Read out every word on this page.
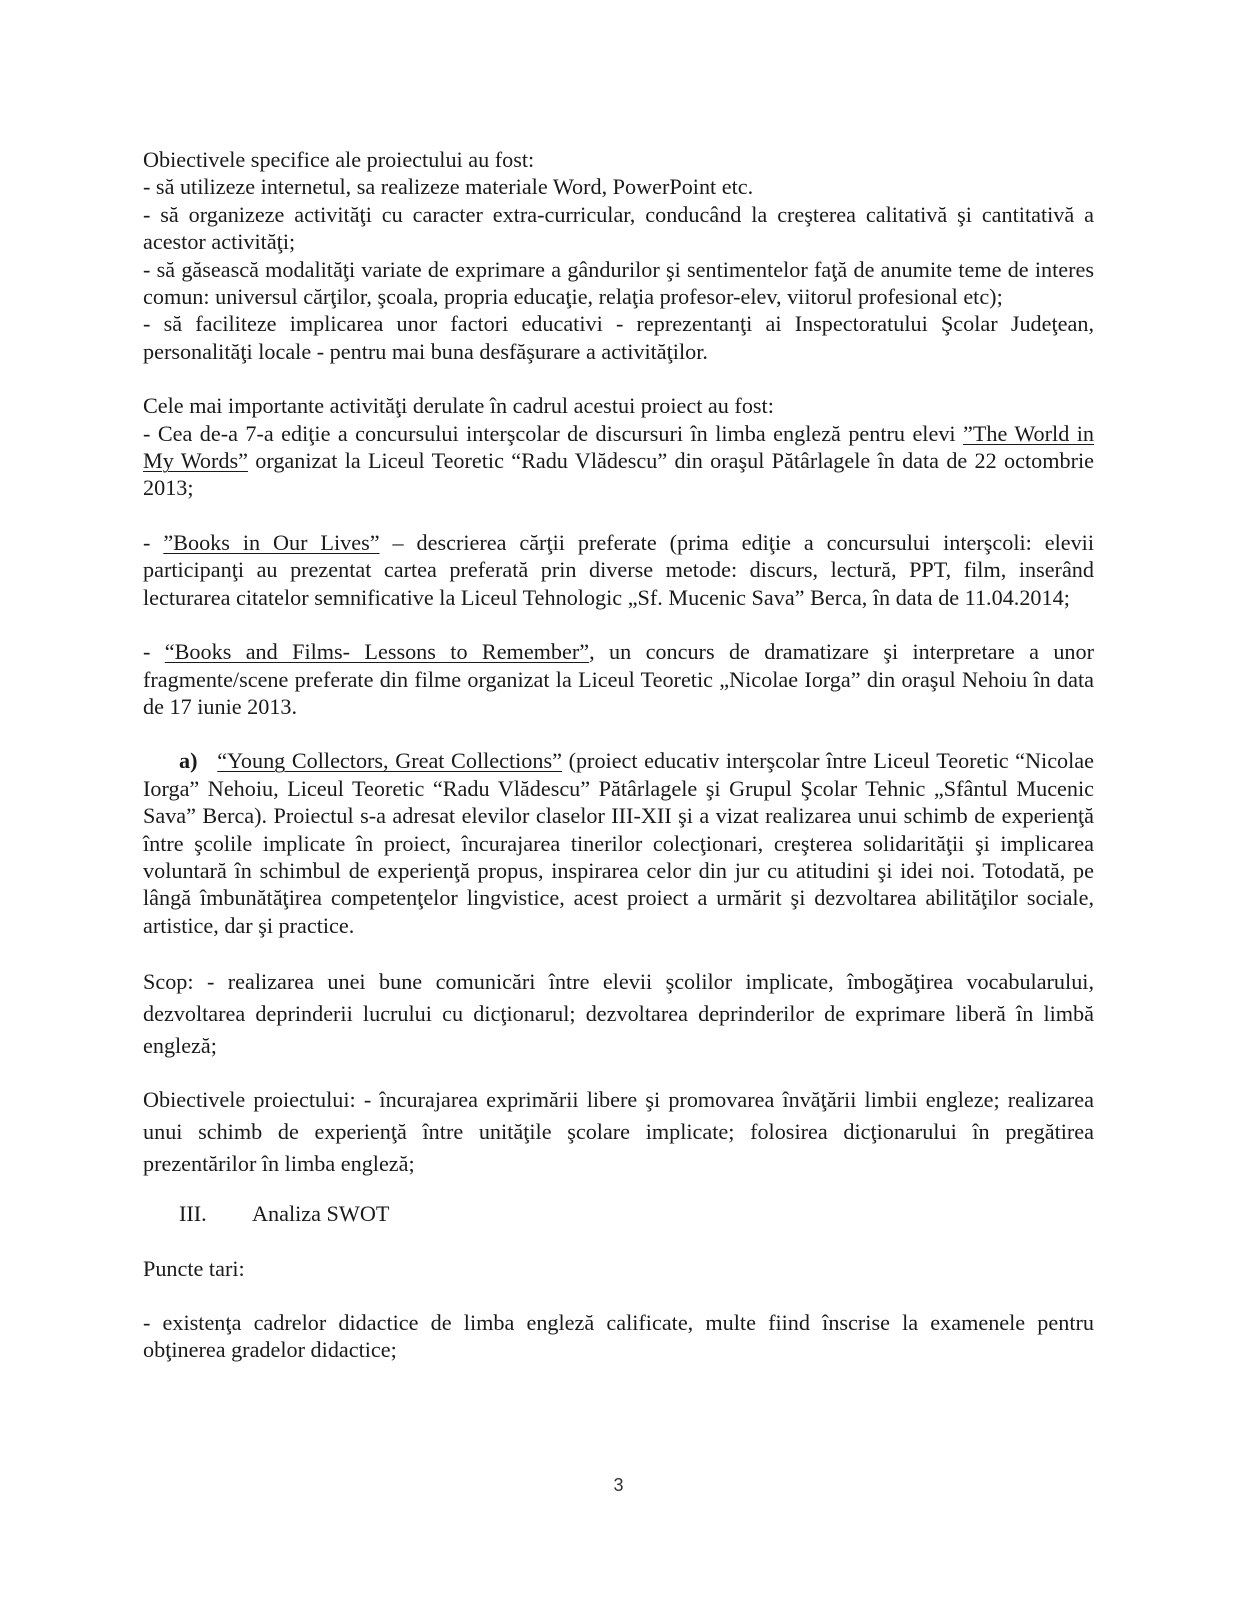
Obiectivele specifice ale proiectului au fost:

- să utilizeze internetul, sa realizeze materiale Word, PowerPoint etc.

- să organizeze activităţi cu caracter extra-curricular, conducând la creşterea calitativă şi cantitativă a acestor activităţi;

- să găsească modalităţi variate de exprimare a gândurilor şi sentimentelor faţă de anumite teme de interes comun: universul cărţilor, şcoala, propria educaţie, relaţia profesor-elev, viitorul profesional etc);

- să faciliteze implicarea unor factori educativi - reprezentanţi ai Inspectoratului Şcolar Judeţean, personalităţi locale - pentru mai buna desfăşurare a activităţilor.

Cele mai importante activităţi derulate în cadrul acestui proiect au fost:

- Cea de-a 7-a ediţie a concursului interşcolar de discursuri în limba engleză pentru elevi ”The World in My Words” organizat la Liceul Teoretic “Radu Vlădescu” din oraşul Pătârlagele în data de 22 octombrie 2013;

- ”Books in Our Lives” – descrierea cărţii preferate (prima ediţie a concursului interşcoli: elevii participanţi au prezentat cartea preferată prin diverse metode: discurs, lectură, PPT, film, inserând lecturarea citatelor semnificative la Liceul Tehnologic „Sf. Mucenic Sava” Berca, în data de 11.04.2014;

- “Books and Films- Lessons to Remember”, un concurs de dramatizare şi interpretare a unor fragmente/scene preferate din filme organizat la Liceul Teoretic „Nicolae Iorga” din oraşul Nehoiu în data de 17 iunie 2013.

a) “Young Collectors, Great Collections” (proiect educativ interşcolar între Liceul Teoretic “Nicolae Iorga” Nehoiu, Liceul Teoretic “Radu Vlădescu” Pătârlagele şi Grupul Şcolar Tehnic „Sfântul Mucenic Sava” Berca). Proiectul s-a adresat elevilor claselor III-XII şi a vizat realizarea unui schimb de experienţă între şcolile implicate în proiect, încurajarea tinerilor colecţionari, creşterea solidarităţii şi implicarea voluntară în schimbul de experienţă propus, inspirarea celor din jur cu atitudini şi idei noi. Totodată, pe lângă îmbunătăţirea competenţelor lingvistice, acest proiect a urmărit şi dezvoltarea abilităţilor sociale, artistice, dar şi practice.

Scop: - realizarea unei bune comunicări între elevii şcolilor implicate, îmbogăţirea vocabularului, dezvoltarea deprinderii lucrului cu dicţionarul; dezvoltarea deprinderilor de exprimare liberă în limbă engleză;

Obiectivele proiectului: - încurajarea exprimării libere şi promovarea învăţării limbii engleze; realizarea unui schimb de experienţă între unităţile şcolare implicate; folosirea dicţionarului în pregătirea prezentărilor în limba engleză;

III.	Analiza SWOT

Puncte tari:

- existenţa cadrelor didactice de limba engleză calificate, multe fiind înscrise la examenele pentru obţinerea gradelor didactice;

3
